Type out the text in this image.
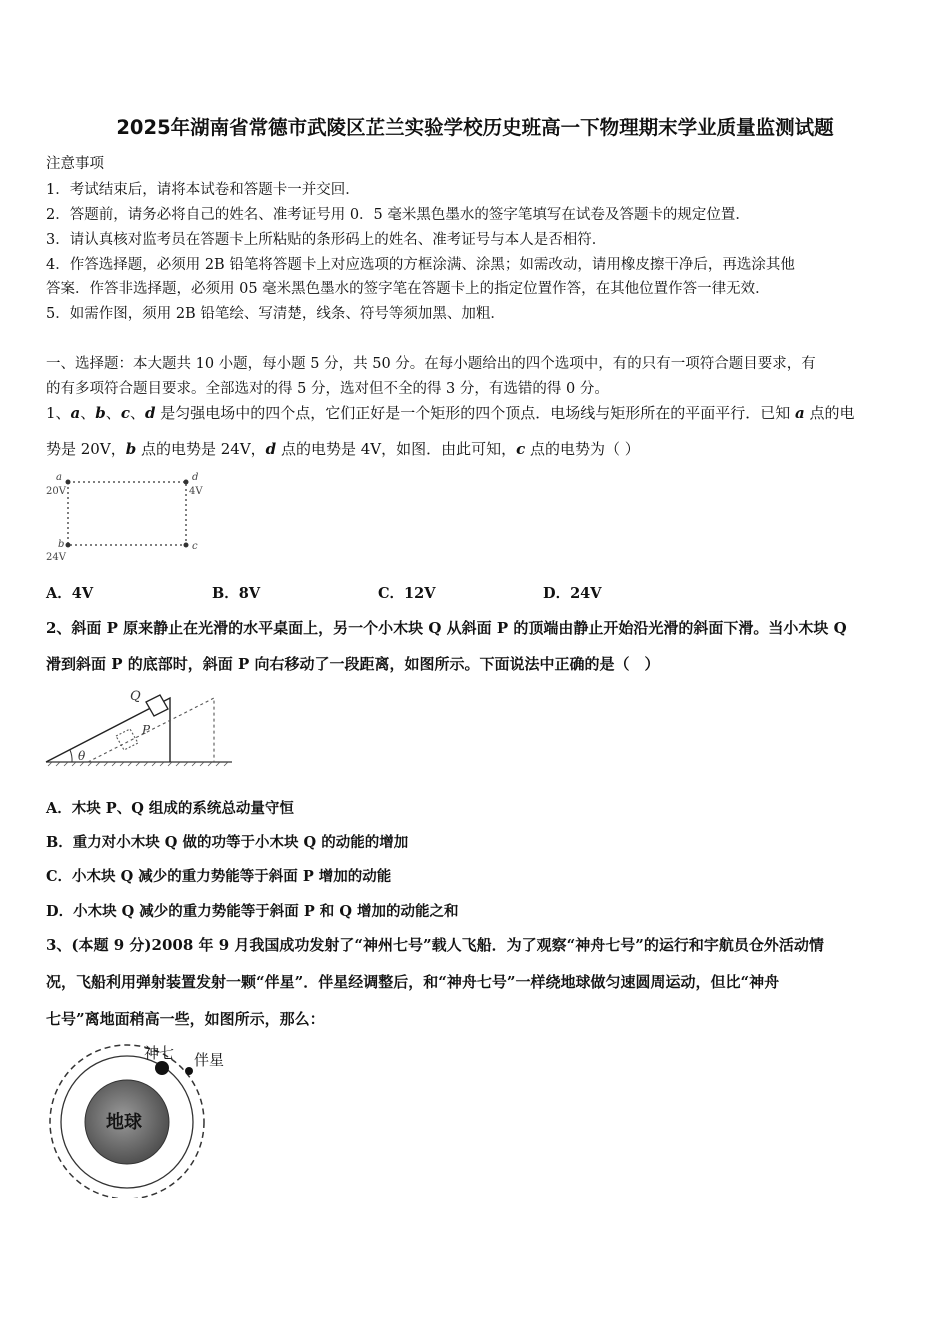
2025年湖南省常德市武陵区芷兰实验学校历史班高一下物理期末学业质量监测试题
注意事项
1．考试结束后，请将本试卷和答题卡一并交回．
2．答题前，请务必将自己的姓名、准考证号用 0．5 毫米黑色墨水的签字笔填写在试卷及答题卡的规定位置．
3．请认真核对监考员在答题卡上所粘贴的条形码上的姓名、准考证号与本人是否相符．
4．作答选择题，必须用 2B 铅笔将答题卡上对应选项的方框涂满、涂黑；如需改动，请用橡皮擦干净后，再选涂其他
答案．作答非选择题，必须用 05 毫米黑色墨水的签字笔在答题卡上的指定位置作答，在其他位置作答一律无效．
5．如需作图，须用 2B 铅笔绘、写清楚，线条、符号等须加黑、加粗．
一、选择题：本大题共 10 小题，每小题 5 分，共 50 分。在每小题给出的四个选项中，有的只有一项符合题目要求，有
的有多项符合题目要求。全部选对的得 5 分，选对但不全的得 3 分，有选错的得 0 分。
1、a、b、c、d 是匀强电场中的四个点，它们正好是一个矩形的四个顶点．电场线与矩形所在的平面平行．已知 a 点的电
势是 20V，b 点的电势是 24V，d 点的电势是 4V，如图．由此可知，c 点的电势为（ ）
a	d
b	c
20V	4V
24V
A．4V	B．8V	C．12V	D．24V
2、斜面 P 原来静止在光滑的水平桌面上，另一个小木块 Q 从斜面 P 的顶端由静止开始沿光滑的斜面下滑。当小木块 Q
滑到斜面 P 的底部时，斜面 P 向右移动了一段距离，如图所示。下面说法中正确的是（　）
Q
P
θ
A．木块 P、Q 组成的系统总动量守恒
B．重力对小木块 Q 做的功等于小木块 Q 的动能的增加
C．小木块 Q 减少的重力势能等于斜面 P 增加的动能
D．小木块 Q 减少的重力势能等于斜面 P 和 Q 增加的动能之和
3、(本题 9 分)2008 年 9 月我国成功发射了“神州七号”载人飞船．为了观察“神舟七号”的运行和宇航员仓外活动情
况，飞船利用弹射装置发射一颗“伴星”．伴星经调整后，和“神舟七号”一样绕地球做匀速圆周运动，但比“神舟
七号”离地面稍高一些，如图所示，那么：
地球
神七 伴星
